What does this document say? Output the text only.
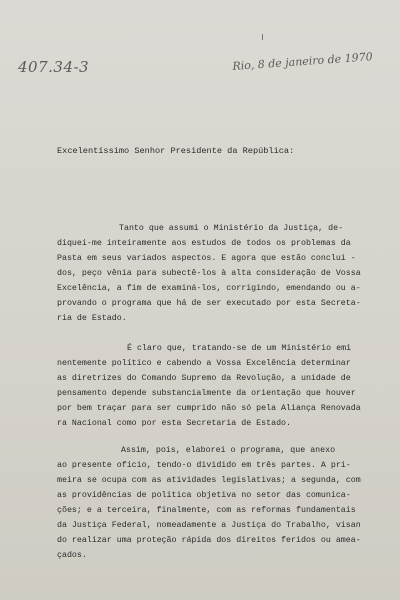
407.34-3	Rio, 8 de janeiro de 1970
Excelentíssimo Senhor Presidente da República:
Tanto que assumi o Ministério da Justiça, de-
diquei-me inteiramente aos estudos de todos os problemas da
Pasta em seus variados aspectos. E agora que estão conclui -
dos, peço vênia para subectê-los à alta consideração de Vossa
Excelência, a fim de examiná-los, corrigindo, emendando ou a-
provando o programa que há de ser executado por esta Secreta-
ria de Estado.
É claro que, tratando-se de um Ministério emi
nentemente político e cabendo a Vossa Excelência determinar
as diretrizes do Comando Supremo da Revolução, a unidade de
pensamento depende substancialmente da orientação que houver
por bem traçar para ser cumprido não só pela Aliança Renovada
ra Nacional como por esta Secretaria de Estado.
Assim, pois, elaborei o programa, que anexo
ao presente ofício, tendo-o dividido em três partes. A pri-
meira se ocupa com as atividades legislativas; a segunda, com
as providências de política objetiva no setor das comunica-
ções; e a terceira, finalmente, com as reformas fundamentais
da Justiça Federal, nomeadamente a Justiça do Trabalho, visan
do realizar uma proteção rápida dos direitos feridos ou amea-
çados.
